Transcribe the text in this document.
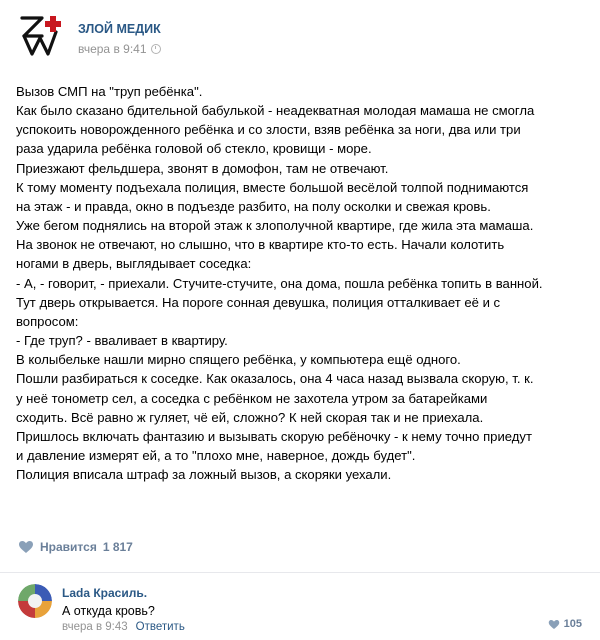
ЗЛОЙ МЕДИК
вчера в 9:41
Вызов СМП на "труп ребёнка".
Как было сказано бдительной бабулькой - неадекватная молодая мамаша не смогла
успокоить новорожденного ребёнка и со злости, взяв ребёнка за ноги, два или три
раза ударила ребёнка головой об стекло, кровищи - море.
Приезжают фельдшера, звонят в домофон, там не отвечают.
К тому моменту подъехала полиция, вместе большой весёлой толпой поднимаются
на этаж - и правда, окно в подъезде разбито, на полу осколки и свежая кровь.
Уже бегом поднялись на второй этаж к злополучной квартире, где жила эта мамаша.
На звонок не отвечают, но слышно, что в квартире кто-то есть. Начали колотить
ногами в дверь, выглядывает соседка:
- А, - говорит, - приехали. Стучите-стучите, она дома, пошла ребёнка топить в ванной.
Тут дверь открывается. На пороге сонная девушка, полиция отталкивает её и с
вопросом:
- Где труп? - вваливает в квартиру.
В колыбельке нашли мирно спящего ребёнка, у компьютера ещё одного.
Пошли разбираться к соседке. Как оказалось, она 4 часа назад вызвала скорую, т. к.
у неё тонометр сел, а соседка с ребёнком не захотела утром за батарейками
сходить. Всё равно ж гуляет, чё ей, сложно? К ней скорая так и не приехала.
Пришлось включать фантазию и вызывать скорую ребёночку - к нему точно приедут
и давление измерят ей, а то "плохо мне, наверное, дождь будет".
Полиция вписала штраф за ложный вызов, а скоряки уехали.
Нравится 1 817
Lada Красиль.
А откуда кровь?
вчера в 9:43 Ответить	105
